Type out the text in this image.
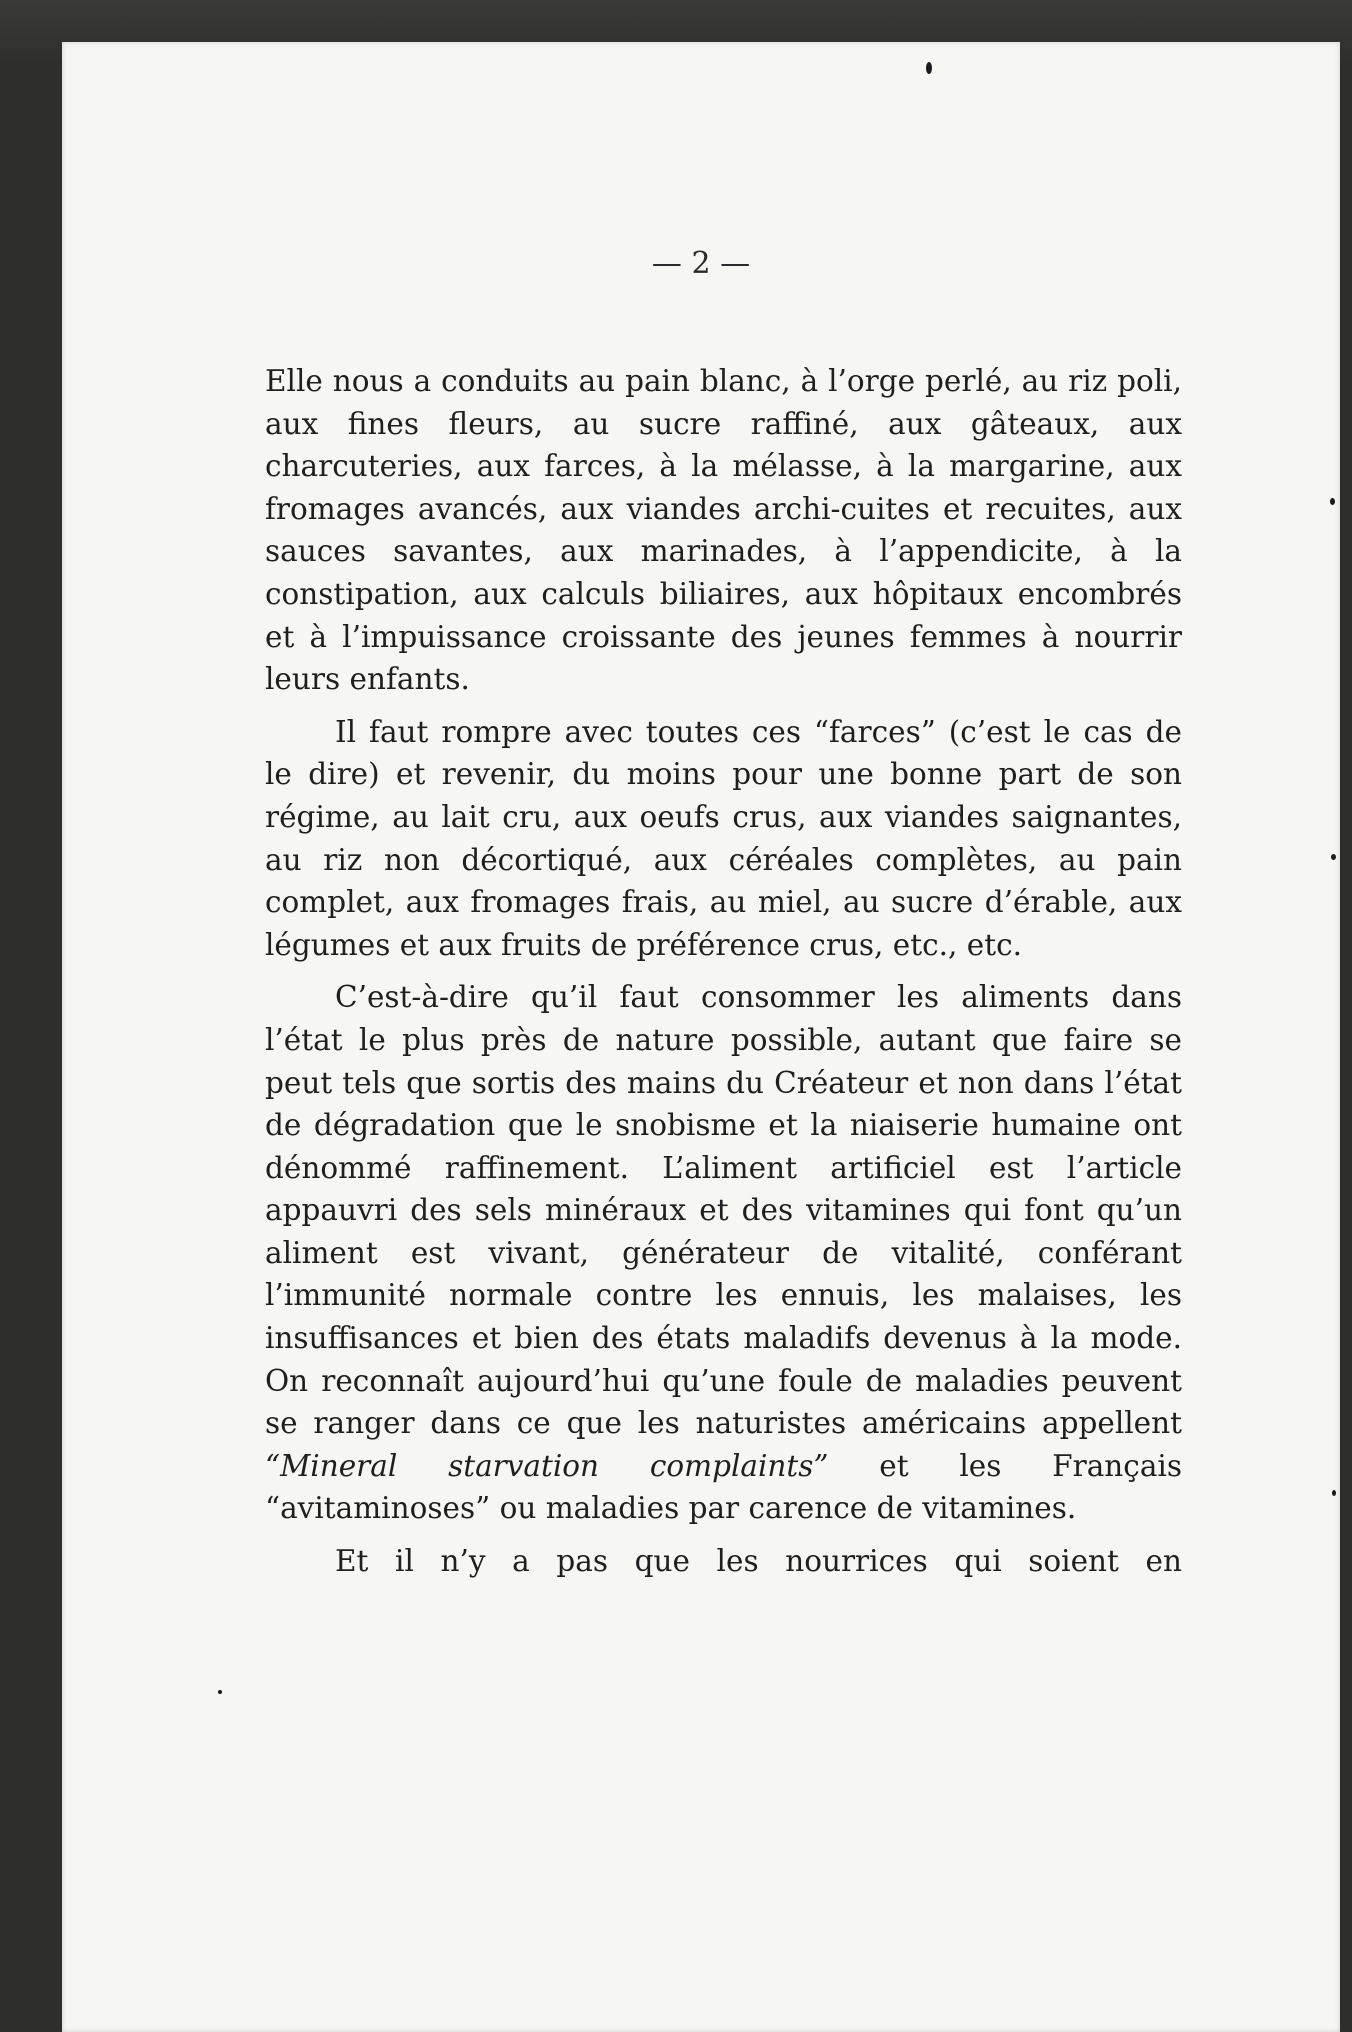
— 2 —

Elle nous a conduits au pain blanc, à l’orge perlé, au riz poli, aux fines fleurs, au sucre raffiné, aux gâteaux, aux charcuteries, aux farces, à la mélasse, à la margarine, aux fromages avancés, aux viandes archi-cuites et recuites, aux sauces savantes, aux marinades, à l’appendicite, à la constipation, aux calculs biliaires, aux hôpitaux encombrés et à l’impuissance croissante des jeunes femmes à nourrir leurs enfants.

Il faut rompre avec toutes ces “farces” (c’est le cas de le dire) et revenir, du moins pour une bonne part de son régime, au lait cru, aux oeufs crus, aux viandes saignantes, au riz non décortiqué, aux céréales complètes, au pain complet, aux fromages frais, au miel, au sucre d’érable, aux légumes et aux fruits de préférence crus, etc., etc.

C’est-à-dire qu’il faut consommer les aliments dans l’état le plus près de nature possible, autant que faire se peut tels que sortis des mains du Créateur et non dans l’état de dégradation que le snobisme et la niaiserie humaine ont dénommé raffinement. L’aliment artificiel est l’article appauvri des sels minéraux et des vitamines qui font qu’un aliment est vivant, générateur de vitalité, conférant l’immunité normale contre les ennuis, les malaises, les insuffisances et bien des états maladifs devenus à la mode. On reconnaît aujourd’hui qu’une foule de maladies peuvent se ranger dans ce que les naturistes américains appellent “Mineral starvation complaints” et les Français “avitaminoses” ou maladies par carence de vitamines.

Et il n’y a pas que les nourrices qui soient en
